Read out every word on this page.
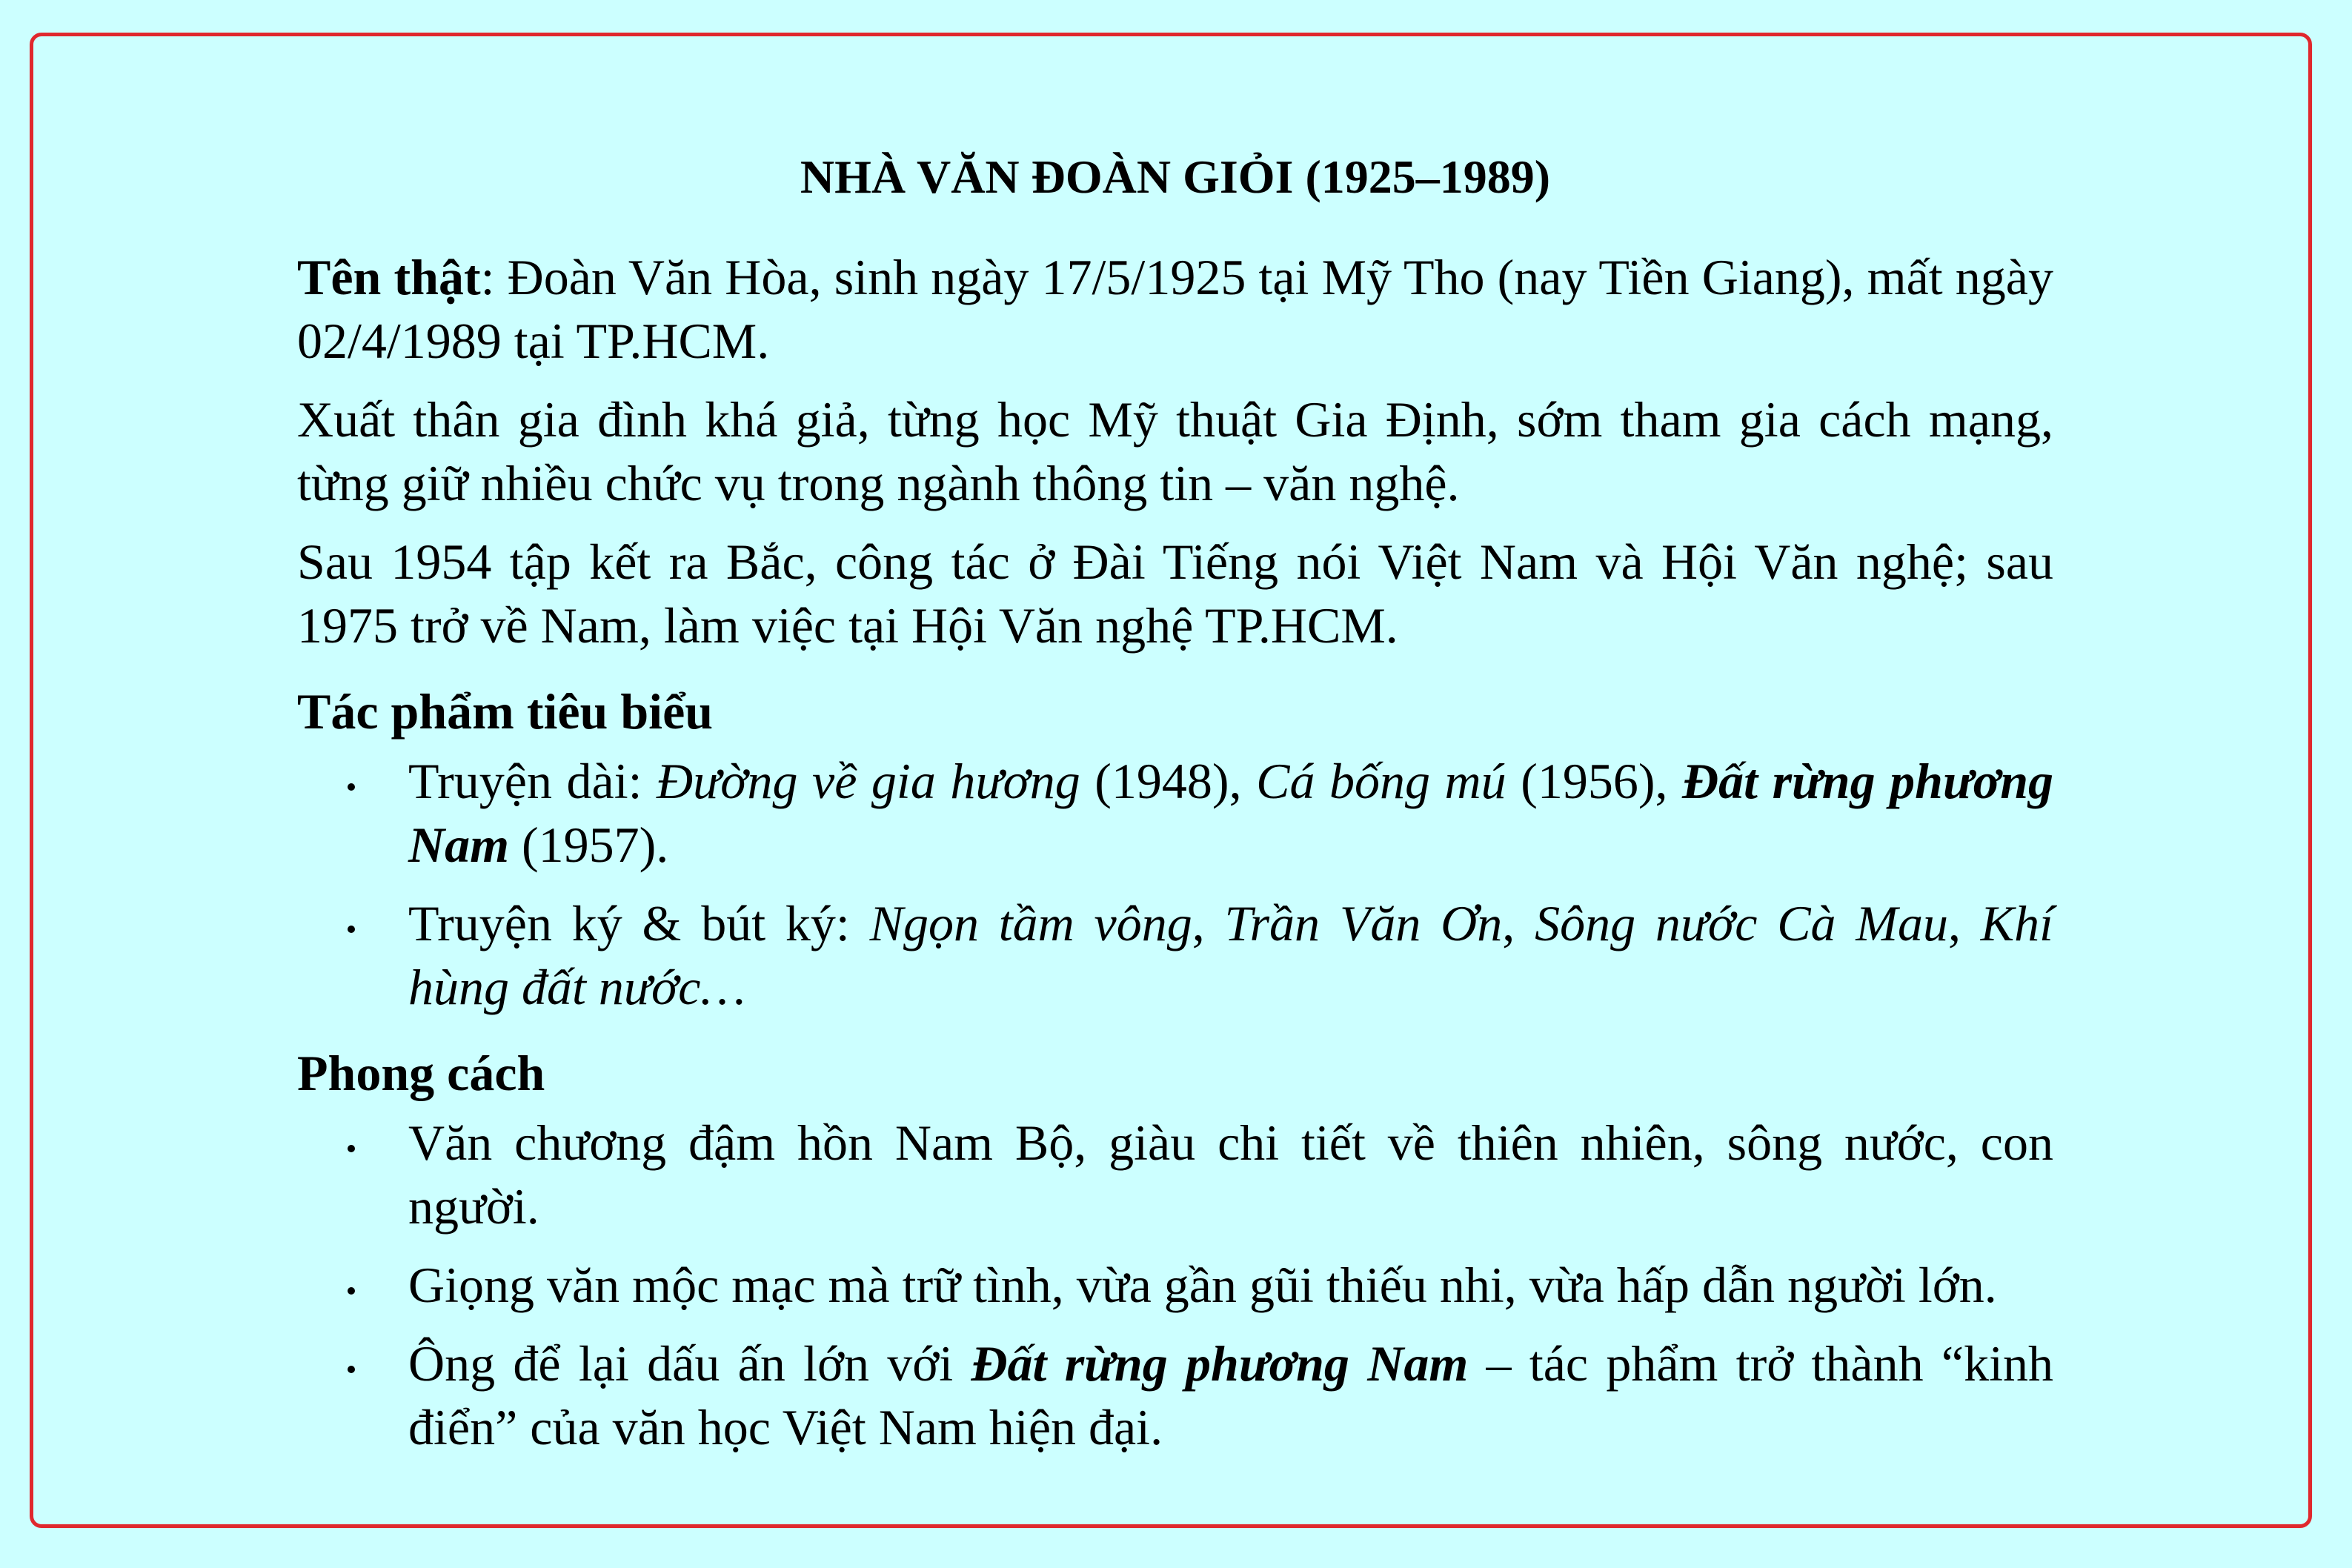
NHÀ VĂN ĐOÀN GIỎI (1925–1989)

Tên thật: Đoàn Văn Hòa, sinh ngày 17/5/1925 tại Mỹ Tho (nay Tiền Giang), mất ngày 02/4/1989 tại TP.HCM.

Xuất thân gia đình khá giả, từng học Mỹ thuật Gia Định, sớm tham gia cách mạng, từng giữ nhiều chức vụ trong ngành thông tin – văn nghệ.

Sau 1954 tập kết ra Bắc, công tác ở Đài Tiếng nói Việt Nam và Hội Văn nghệ; sau 1975 trở về Nam, làm việc tại Hội Văn nghệ TP.HCM.

Tác phẩm tiêu biểu
Truyện dài: Đường về gia hương (1948), Cá bống mú (1956), Đất rừng phương Nam (1957).
Truyện ký & bút ký: Ngọn tầm vông, Trần Văn Ơn, Sông nước Cà Mau, Khí hùng đất nước…
Phong cách
Văn chương đậm hồn Nam Bộ, giàu chi tiết về thiên nhiên, sông nước, con người.
Giọng văn mộc mạc mà trữ tình, vừa gần gũi thiếu nhi, vừa hấp dẫn người lớn.
Ông để lại dấu ấn lớn với Đất rừng phương Nam – tác phẩm trở thành “kinh điển” của văn học Việt Nam hiện đại.
